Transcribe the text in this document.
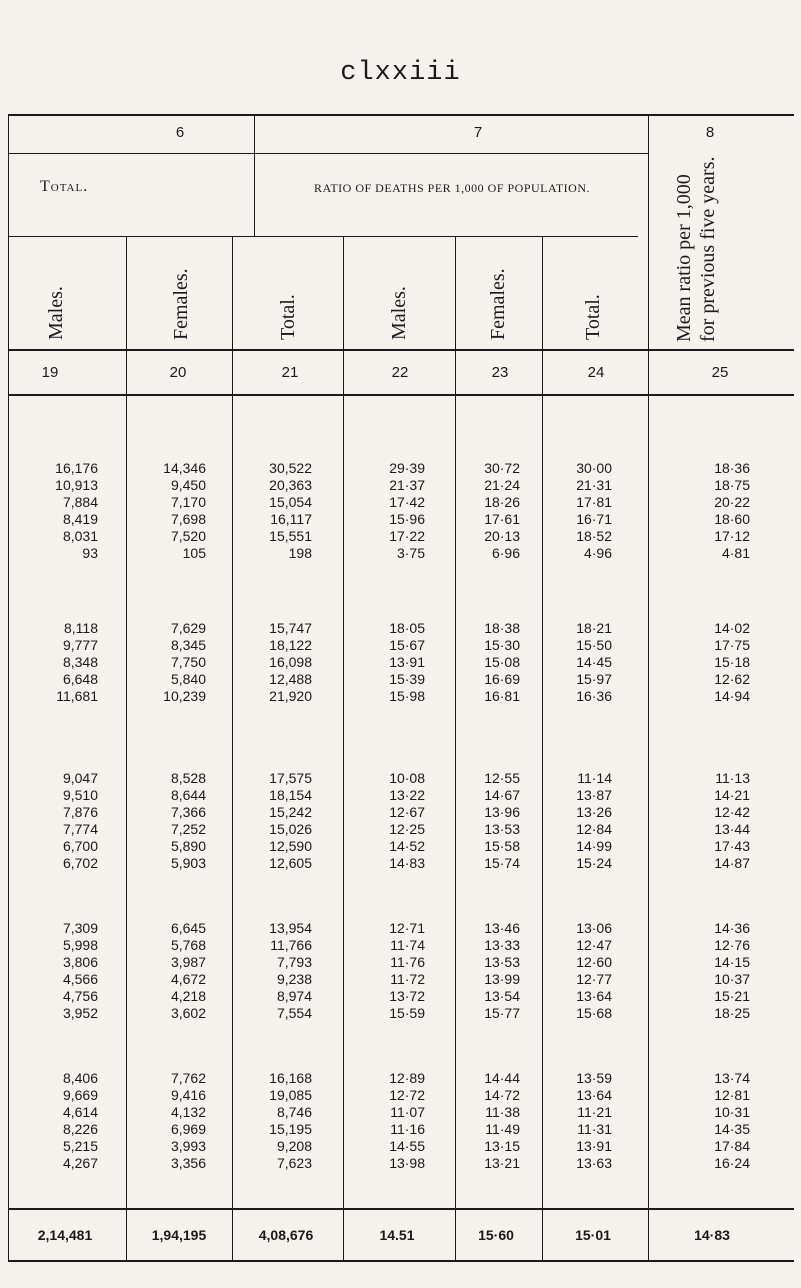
clxxiii
6	7	8
Total.	RATIO OF DEATHS PER 1,000 OF POPULATION.	Mean ratio per 1,000 for previous five years.
Males.	Females.	Total.	Males.	Females.	Total.
19	20	21	22	23	24	25
16,176	14,346	30,522	29·39	30·72	30·00	18·36
10,913	9,450	20,363	21·37	21·24	21·31	18·75
7,884	7,170	15,054	17·42	18·26	17·81	20·22
8,419	7,698	16,117	15·96	17·61	16·71	18·60
8,031	7,520	15,551	17·22	20·13	18·52	17·12
93	105	198	3·75	6·96	4·96	4·81
8,118	7,629	15,747	18·05	18·38	18·21	14·02
9,777	8,345	18,122	15·67	15·30	15·50	17·75
8,348	7,750	16,098	13·91	15·08	14·45	15·18
6,648	5,840	12,488	15·39	16·69	15·97	12·62
11,681	10,239	21,920	15·98	16·81	16·36	14·94
9,047	8,528	17,575	10·08	12·55	11·14	11·13
9,510	8,644	18,154	13·22	14·67	13·87	14·21
7,876	7,366	15,242	12·67	13·96	13·26	12·42
7,774	7,252	15,026	12·25	13·53	12·84	13·44
6,700	5,890	12,590	14·52	15·58	14·99	17·43
6,702	5,903	12,605	14·83	15·74	15·24	14·87
7,309	6,645	13,954	12·71	13·46	13·06	14·36
5,998	5,768	11,766	11·74	13·33	12·47	12·76
3,806	3,987	7,793	11·76	13·53	12·60	14·15
4,566	4,672	9,238	11·72	13·99	12·77	10·37
4,756	4,218	8,974	13·72	13·54	13·64	15·21
3,952	3,602	7,554	15·59	15·77	15·68	18·25
8,406	7,762	16,168	12·89	14·44	13·59	13·74
9,669	9,416	19,085	12·72	14·72	13·64	12·81
4,614	4,132	8,746	11·07	11·38	11·21	10·31
8,226	6,969	15,195	11·16	11·49	11·31	14·35
5,215	3,993	9,208	14·55	13·15	13·91	17·84
4,267	3,356	7,623	13·98	13·21	13·63	16·24
2,14,481	1,94,195	4,08,676	14.51	15·60	15·01	14·83
